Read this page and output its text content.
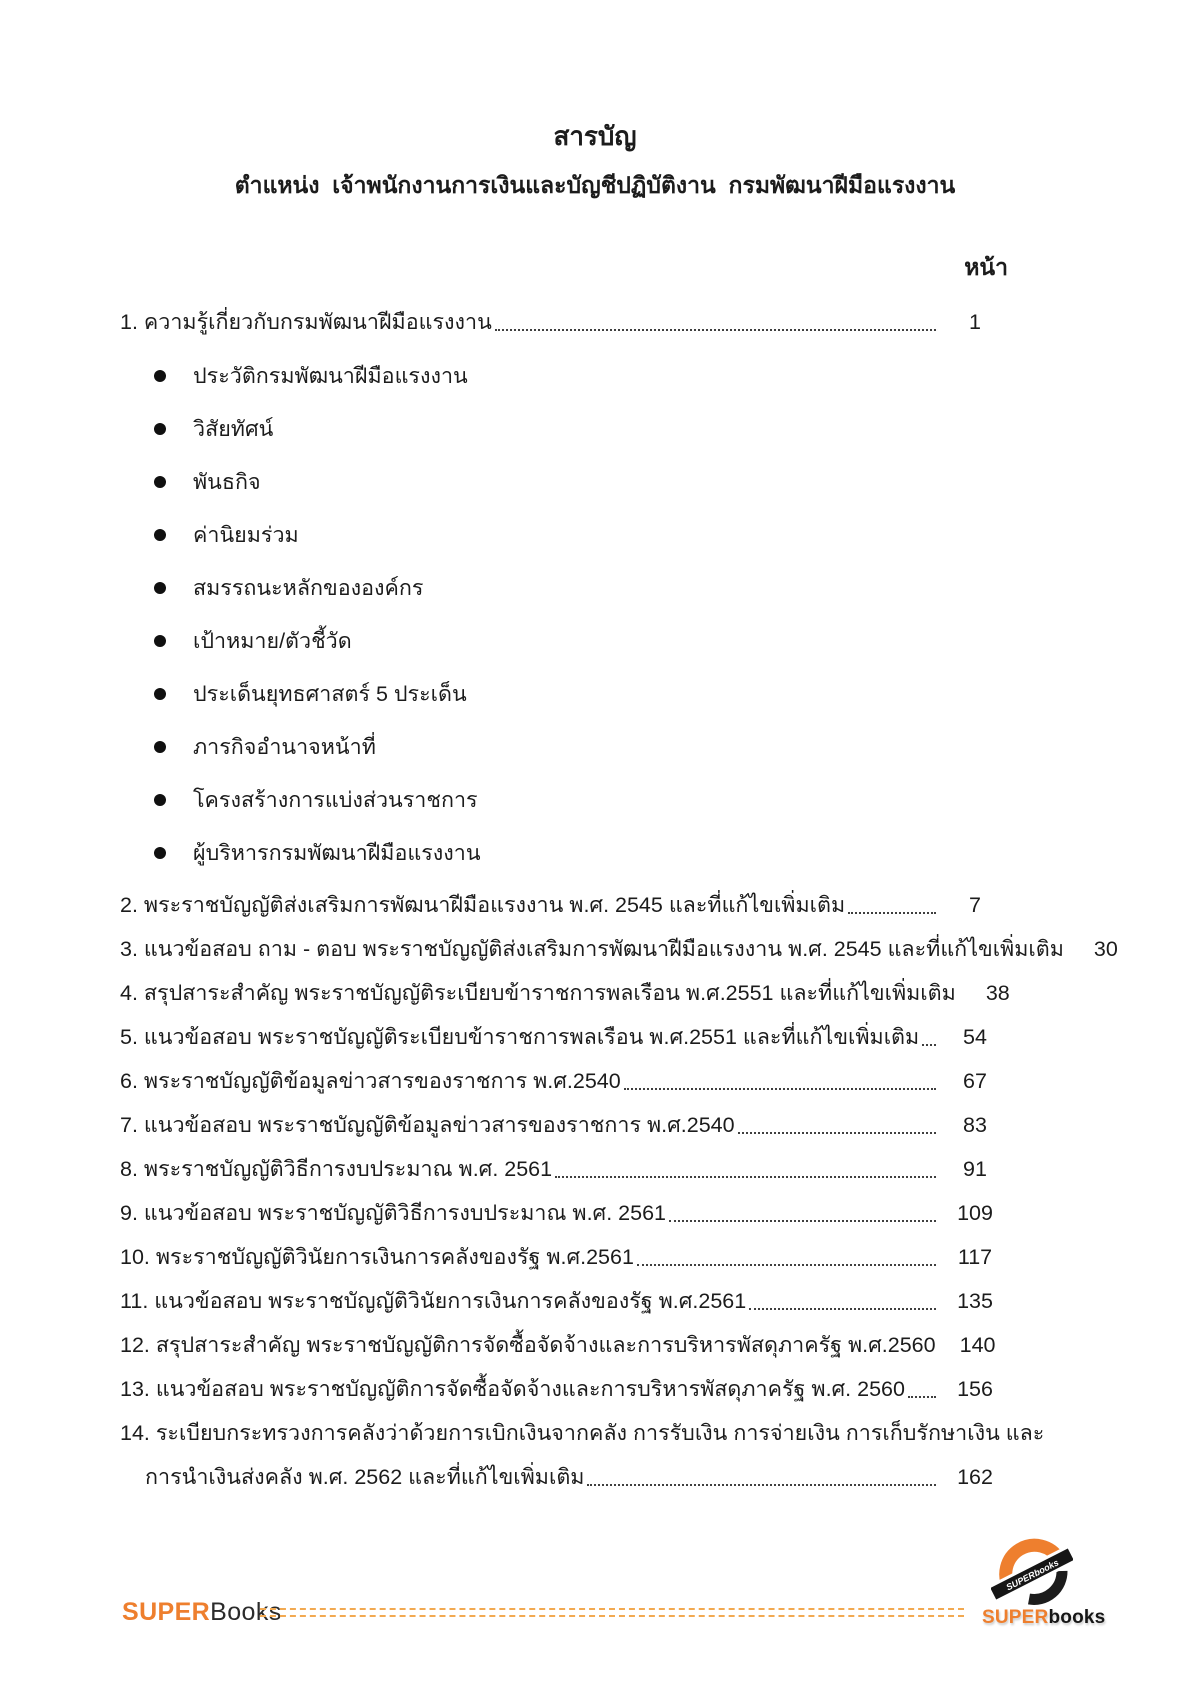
สารบัญ
ตำแหน่ง  เจ้าพนักงานการเงินและบัญชีปฏิบัติงาน  กรมพัฒนาฝีมือแรงงาน
หน้า
1. ความรู้เกี่ยวกับกรมพัฒนาฝีมือแรงงาน	1
ประวัติกรมพัฒนาฝีมือแรงงาน
วิสัยทัศน์
พันธกิจ
ค่านิยมร่วม
สมรรถนะหลักขององค์กร
เป้าหมาย/ตัวชี้วัด
ประเด็นยุทธศาสตร์ 5 ประเด็น
ภารกิจอำนาจหน้าที่
โครงสร้างการแบ่งส่วนราชการ
ผู้บริหารกรมพัฒนาฝีมือแรงงาน
2. พระราชบัญญัติส่งเสริมการพัฒนาฝีมือแรงงาน พ.ศ. 2545 และที่แก้ไขเพิ่มเติม	7
3. แนวข้อสอบ ถาม - ตอบ พระราชบัญญัติส่งเสริมการพัฒนาฝีมือแรงงาน พ.ศ. 2545 และที่แก้ไขเพิ่มเติม	30
4. สรุปสาระสำคัญ พระราชบัญญัติระเบียบข้าราชการพลเรือน พ.ศ.2551 และที่แก้ไขเพิ่มเติม	38
5. แนวข้อสอบ พระราชบัญญัติระเบียบข้าราชการพลเรือน พ.ศ.2551 และที่แก้ไขเพิ่มเติม	54
6. พระราชบัญญัติข้อมูลข่าวสารของราชการ พ.ศ.2540	67
7. แนวข้อสอบ พระราชบัญญัติข้อมูลข่าวสารของราชการ พ.ศ.2540	83
8. พระราชบัญญัติวิธีการงบประมาณ พ.ศ. 2561	91
9. แนวข้อสอบ พระราชบัญญัติวิธีการงบประมาณ พ.ศ. 2561	109
10. พระราชบัญญัติวินัยการเงินการคลังของรัฐ พ.ศ.2561	117
11. แนวข้อสอบ พระราชบัญญัติวินัยการเงินการคลังของรัฐ พ.ศ.2561	135
12. สรุปสาระสำคัญ พระราชบัญญัติการจัดซื้อจัดจ้างและการบริหารพัสดุภาครัฐ พ.ศ.2560	140
13. แนวข้อสอบ พระราชบัญญัติการจัดซื้อจัดจ้างและการบริหารพัสดุภาครัฐ พ.ศ. 2560	156
14. ระเบียบกระทรวงการคลังว่าด้วยการเบิกเงินจากคลัง การรับเงิน การจ่ายเงิน การเก็บรักษาเงิน และ
การนำเงินส่งคลัง พ.ศ. 2562 และที่แก้ไขเพิ่มเติม	162
SUPERBooks
SUPERbooks
SUPERbooks
